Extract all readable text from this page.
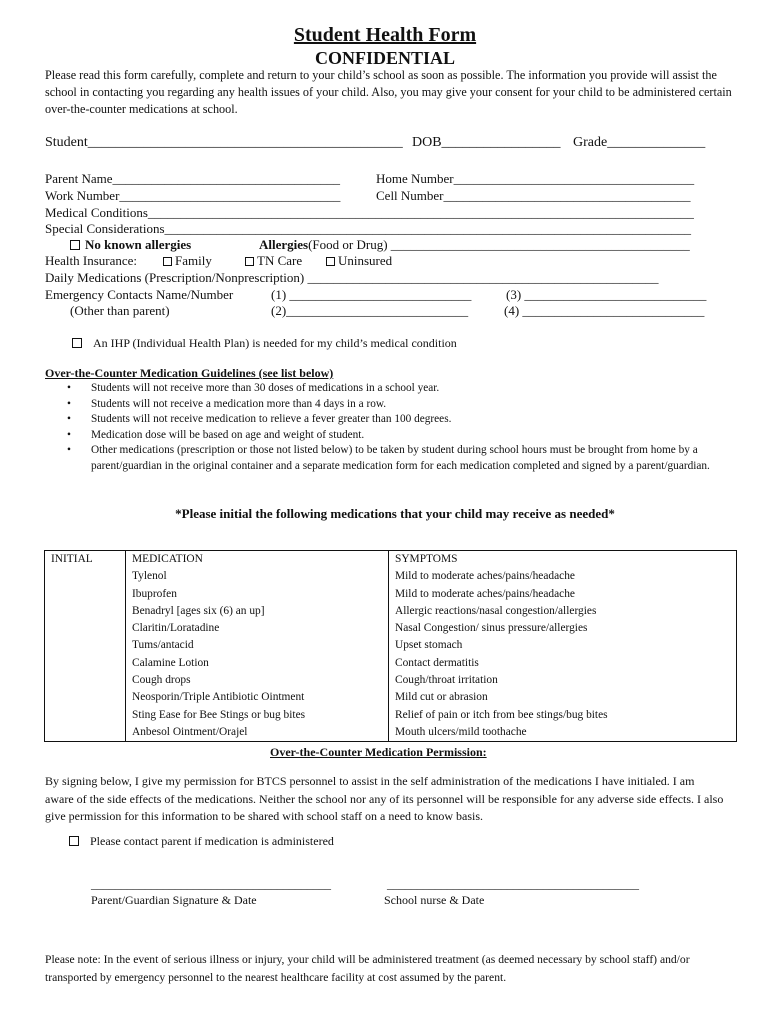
Student Health Form
CONFIDENTIAL
Please read this form carefully, complete and return to your child’s school as soon as possible. The information you provide will assist the school in contacting you regarding any health issues of your child. Also, you may give your consent for your child to be administered certain over-the-counter medications at school.
Student_____________________________________________ DOB_________________ Grade______________
Parent Name___________________________________	Home Number_____________________________________
Work Number__________________________________	Cell Number______________________________________
Medical Conditions____________________________________________________________________________________
Special Considerations_________________________________________________________________________________
No known allergies	Allergies(Food or Drug) ______________________________________________
Health Insurance:	Family	TN Care	Uninsured
Daily Medications (Prescription/Nonprescription) ______________________________________________________
Emergency Contacts Name/Number
(Other than parent)
(1) ____________________________
(2)____________________________
(3) ____________________________
(4) ____________________________
An IHP (Individual Health Plan) is needed for my child’s medical condition
Over-the-Counter Medication Guidelines (see list below)
• Students will not receive more than 30 doses of medications in a school year.
• Students will not receive a medication more than 4 days in a row.
• Students will not receive medication to relieve a fever greater than 100 degrees.
• Medication dose will be based on age and weight of student.
• Other medications (prescription or those not listed below) to be taken by student during school hours must be brought from home by a parent/guardian in the original container and a separate medication form for each medication completed and signed by a parent/guardian.
*Please initial the following medications that your child may receive as needed*
INITIAL	MEDICATION	SYMPTOMS
	Tylenol	Mild to moderate aches/pains/headache
	Ibuprofen	Mild to moderate aches/pains/headache
	Benadryl [ages six (6) an up]	Allergic reactions/nasal congestion/allergies
	Claritin/Loratadine	Nasal Congestion/ sinus pressure/allergies
	Tums/antacid	Upset stomach
	Calamine Lotion	Contact dermatitis
	Cough drops	Cough/throat irritation
	Neosporin/Triple Antibiotic Ointment	Mild cut or abrasion
	Sting Ease for Bee Stings or bug bites	Relief of pain or itch from bee stings/bug bites
	Anbesol Ointment/Orajel	Mouth ulcers/mild toothache
Over-the-Counter Medication Permission:
By signing below, I give my permission for BTCS personnel to assist in the self administration of the medications I have initialed. I am aware of the side effects of the medications. Neither the school nor any of its personnel will be responsible for any adverse side effects. I also give permission for this information to be shared with school staff on a need to know basis.
Please contact parent if medication is administered
________________________________________
Parent/Guardian Signature & Date
__________________________________________
School nurse & Date
Please note: In the event of serious illness or injury, your child will be administered treatment (as deemed necessary by school staff) and/or transported by emergency personnel to the nearest healthcare facility at cost assumed by the parent.
